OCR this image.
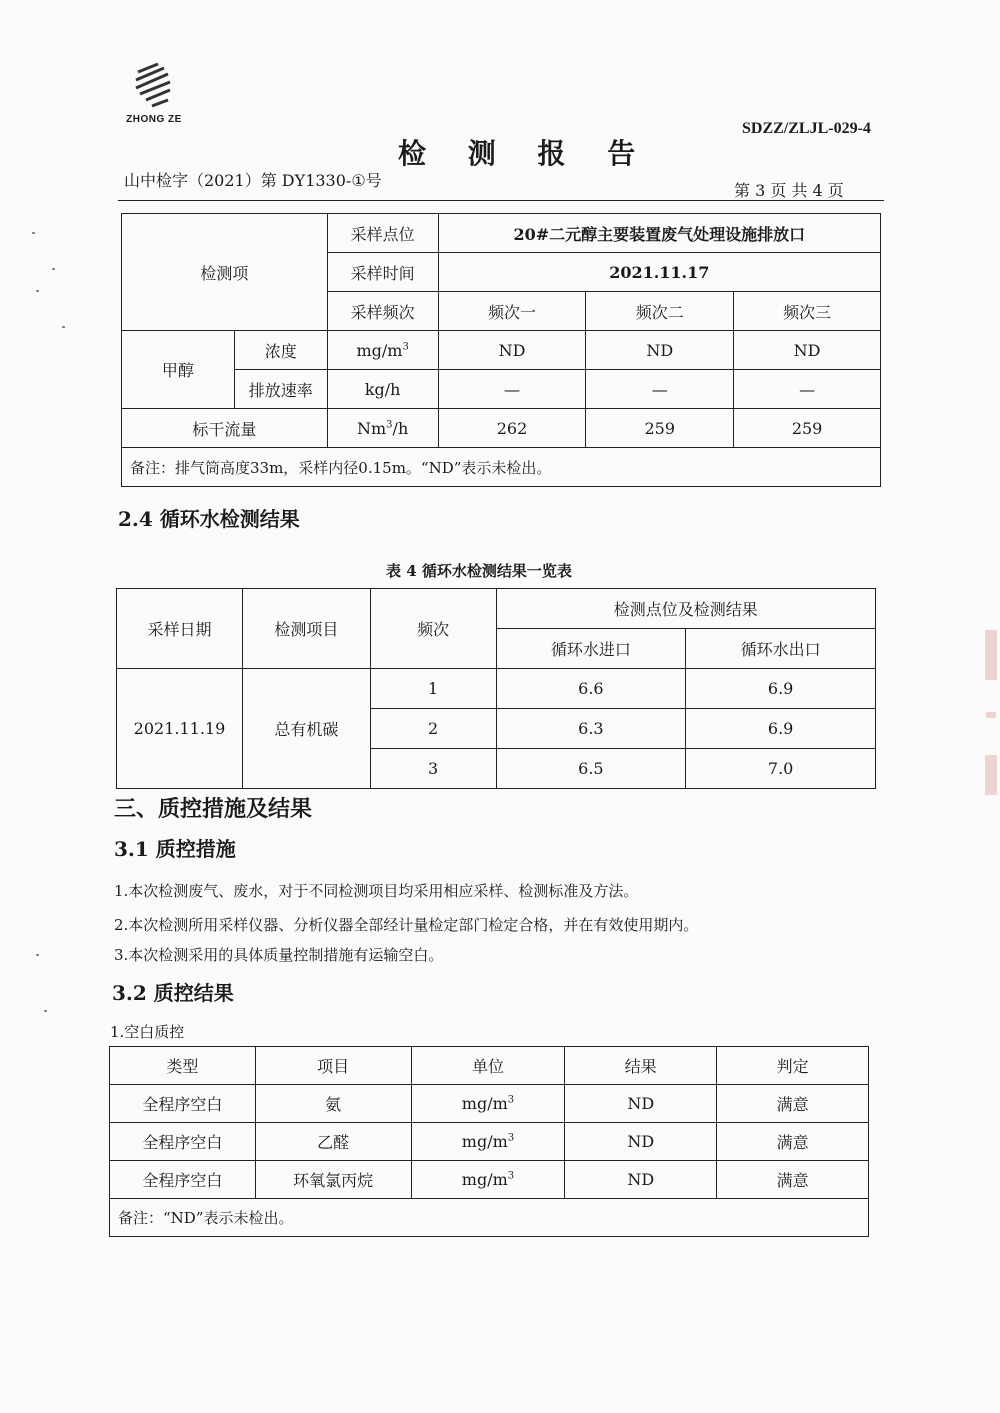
ZHONG ZE
SDZZ/ZLJL-029-4
检 测 报 告
山中检字（2021）第 DY1330-①号
第 3 页 共 4 页
检测项		采样点位	20#二元醇主要装置废气处理设施排放口		
		采样时间	2021.11.17		
		采样频次	频次一	频次二	频次三
甲醇	浓度	$mg/m^3$	ND	ND	ND
	排放速率	kg/h	—	—	—
标干流量		Nm$^3$/h	262	259	259
备注：排气筒高度33m，采样内径0.15m。“ND”表示未检出。					
2.4 循环水检测结果
表 4 循环水检测结果一览表
采样日期	检测项目	频次	检测点位及检测结果	
			循环水进口	循环水出口
2021.11.19	总有机碳	1	6.6	6.9
		2	6.3	6.9
		3	6.5	7.0
三、质控措施及结果
3.1 质控措施
1.本次检测废气、废水，对于不同检测项目均采用相应采样、检测标准及方法。
2.本次检测所用采样仪器、分析仪器全部经计量检定部门检定合格，并在有效使用期内。
3.本次检测采用的具体质量控制措施有运输空白。
3.2 质控结果
1.空白质控
类型	项目	单位	结果	判定
全程序空白	氨	$mg/m^3$	ND	满意
全程序空白	乙醛	$mg/m^3$	ND	满意
全程序空白	环氧氯丙烷	$mg/m^3$	ND	满意
备注：“ND”表示未检出。				
